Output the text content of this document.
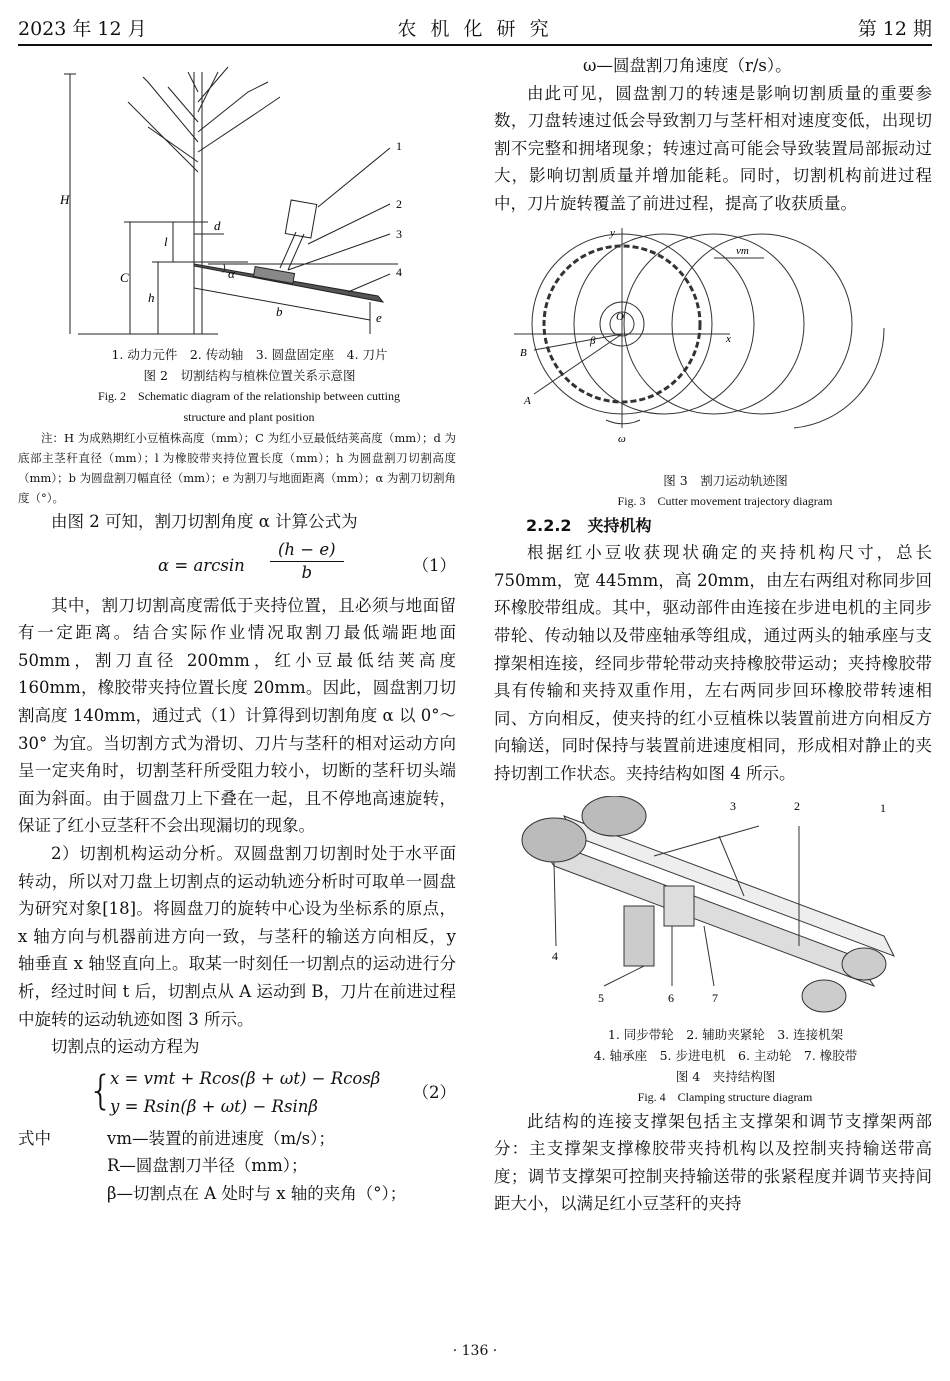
2023 年 12 月	农 机 化 研 究	第 12 期
H
C
h
l
d
α
b	e
1
2
3
4

1. 动力元件　2. 传动轴　3. 圆盘固定座　4. 刀片

图 2　切割结构与植株位置关系示意图

Fig. 2　Schematic diagram of the relationship between cutting

structure and plant position

注：H 为成熟期红小豆植株高度（mm）；C 为红小豆最低结荚高度（mm）；d 为底部主茎秆直径（mm）；l 为橡胶带夹持位置长度（mm）；h 为圆盘割刀切割高度（mm）；b 为圆盘割刀幅直径（mm）；e 为割刀与地面距离（mm）；α 为割刀切割角度（°）。

由图 2 可知，割刀切割角度 α 计算公式为

$\alpha = \arcsin \frac{(h - e)}{b}$	（1）

其中，割刀切割高度需低于夹持位置，且必须与地面留有一定距离。结合实际作业情况取割刀最低端距地面 50mm，割刀直径 200mm，红小豆最低结荚高度 160mm，橡胶带夹持位置长度 20mm。因此，圆盘割刀切割高度 140mm，通过式（1）计算得到切割角度 α 以 0°～30° 为宜。当切割方式为滑切、刀片与茎秆的相对运动方向呈一定夹角时，切割茎秆所受阻力较小，切断的茎秆切头端面为斜面。由于圆盘刀上下叠在一起，且不停地高速旋转，保证了红小豆茎秆不会出现漏切的现象。

2）切割机构运动分析。双圆盘割刀切割时处于水平面转动，所以对刀盘上切割点的运动轨迹分析时可取单一圆盘为研究对象[18]。将圆盘刀的旋转中心设为坐标系的原点，x 轴方向与机器前进方向一致，与茎秆的输送方向相反，y 轴垂直 x 轴竖直向上。取某一时刻任一切割点的运动进行分析，经过时间 t 后，切割点从 A 运动到 B，刀片在前进过程中旋转的运动轨迹如图 3 所示。

切割点的运动方程为

{
x = vmt + Rcos(β + ωt) − Rcosβ
y = Rsin(β + ωt) − Rsinβ
（2）
式中	vm—装置的前进速度（m/s）；

R—圆盘割刀半径（mm）；

β—切割点在 A 处时与 x 轴的夹角（°）；

ω—圆盘割刀角速度（r/s）。

由此可见，圆盘割刀的转速是影响切割质量的重要参数，刀盘转速过低会导致割刀与茎杆相对速度变低，出现切割不完整和拥堵现象；转速过高可能会导致装置局部振动过大，影响切割质量并增加能耗。同时，切割机构前进过程中，刀片旋转覆盖了前进过程，提高了收获质量。

y
x
O
A
B
β
ω
vm

图 3　割刀运动轨迹图

Fig. 3　Cutter movement trajectory diagram

2.2.2　夹持机构

根据红小豆收获现状确定的夹持机构尺寸，总长 750mm，宽 445mm，高 20mm，由左右两组对称同步回环橡胶带组成。其中，驱动部件由连接在步进电机的主同步带轮、传动轴以及带座轴承等组成，通过两头的轴承座与支撑架相连接，经同步带轮带动夹持橡胶带运动；夹持橡胶带具有传输和夹持双重作用，左右两同步回环橡胶带转速相同、方向相反，使夹持的红小豆植株以装置前进方向相反方向输送，同时保持与装置前进速度相同，形成相对静止的夹持切割工作状态。夹持结构如图 4 所示。

1
2
3
4
5	6	7

1. 同步带轮　2. 辅助夹紧轮　3. 连接机架

4. 轴承座　5. 步进电机　6. 主动轮　7. 橡胶带

图 4　夹持结构图

Fig. 4　Clamping structure diagram

此结构的连接支撑架包括主支撑架和调节支撑架两部分：主支撑架支撑橡胶带夹持机构以及控制夹持输送带高度；调节支撑架可控制夹持输送带的张紧程度并调节夹持间距大小，以满足红小豆茎秆的夹持

· 136 ·
